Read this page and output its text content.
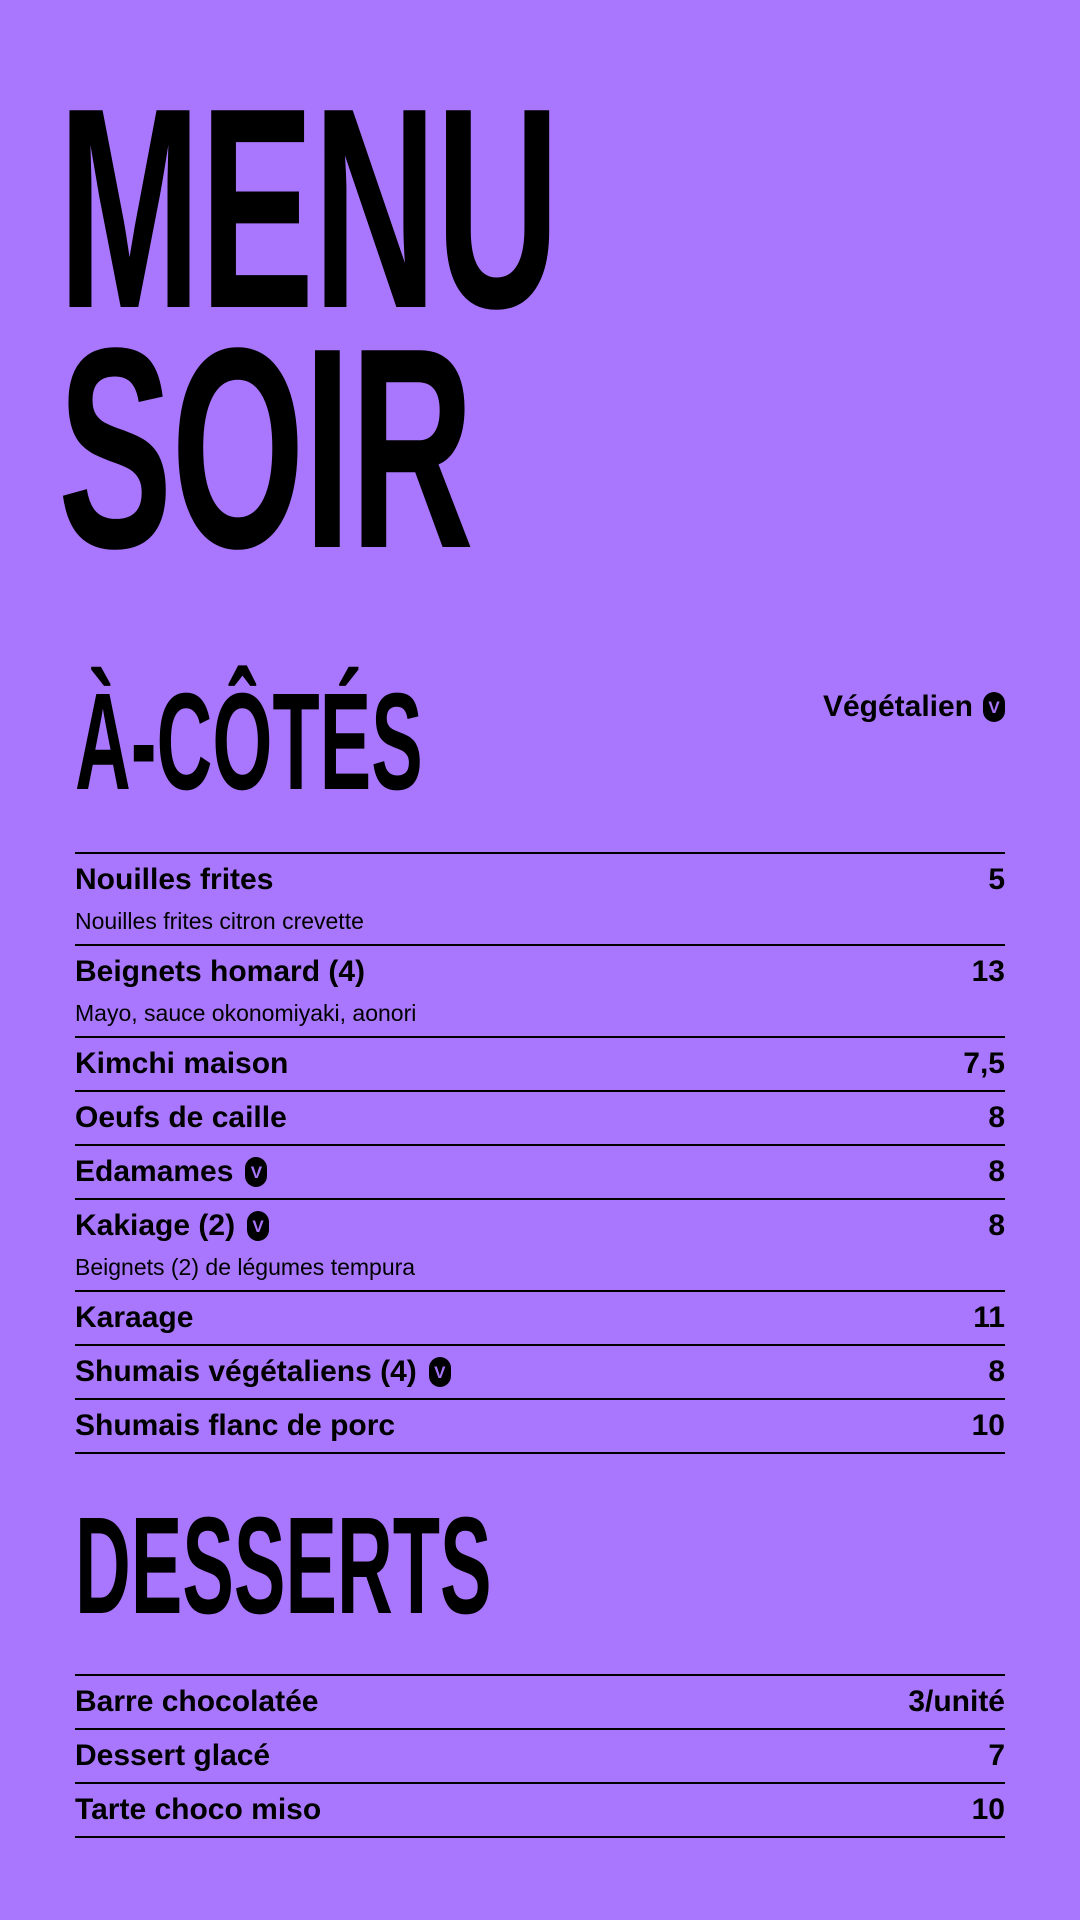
MENU
SOIR
À-CÔTÉS	Végétalien V
Nouilles frites	5
Nouilles frites citron crevette
Beignets homard (4)	13
Mayo, sauce okonomiyaki, aonori
Kimchi maison	7,5
Oeufs de caille	8
Edamames	V	8
Kakiage (2)	V	8
Beignets (2) de légumes tempura
Karaage	11
Shumais végétaliens (4)	V	8
Shumais flanc de porc	10
DESSERTS
Barre chocolatée	3/unité
Dessert glacé	7
Tarte choco miso	10
